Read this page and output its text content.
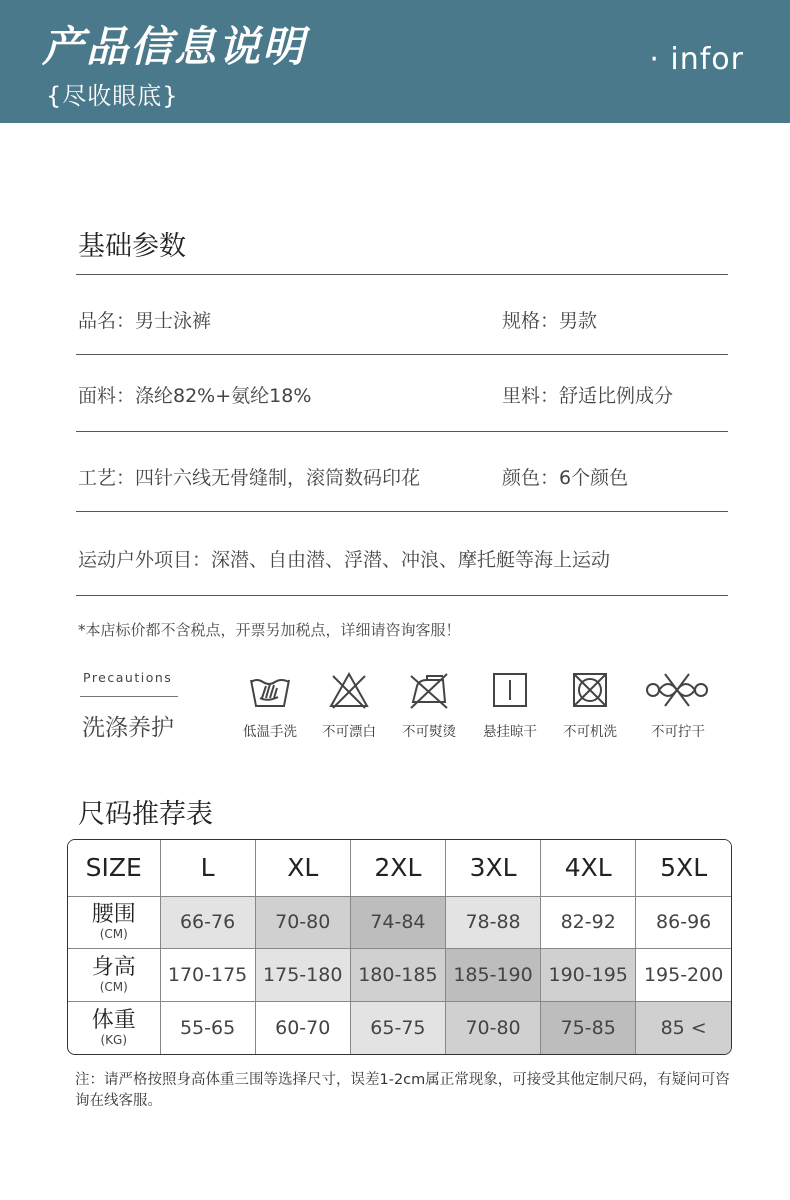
产品信息说明
{尽收眼底}
· infor
基础参数
品名：男士泳裤	规格：男款
面料：涤纶82%+氨纶18%	里料：舒适比例成分
工艺：四针六线无骨缝制，滚筒数码印花	颜色：6个颜色
运动户外项目：深潜、自由潜、浮潜、冲浪、摩托艇等海上运动
*本店标价都不含税点，开票另加税点，详细请咨询客服！
Precautions
洗涤养护	低温手洗	不可漂白	不可熨烫	悬挂晾干	不可机洗	不可拧干
尺码推荐表
SIZE	L	XL	2XL	3XL	4XL	5XL

腰围
(CM)	66-76	70-80	74-84	78-88	82-92	86-96

身高
(CM)	170-175	175-180	180-185	185-190	190-195	195-200

体重
(KG)	55-65	60-70	65-75	70-80	75-85	85 <
注：请严格按照身高体重三围等选择尺寸，误差1-2cm属正常现象，可接受其他定制尺码，有疑问可咨询在线客服。
